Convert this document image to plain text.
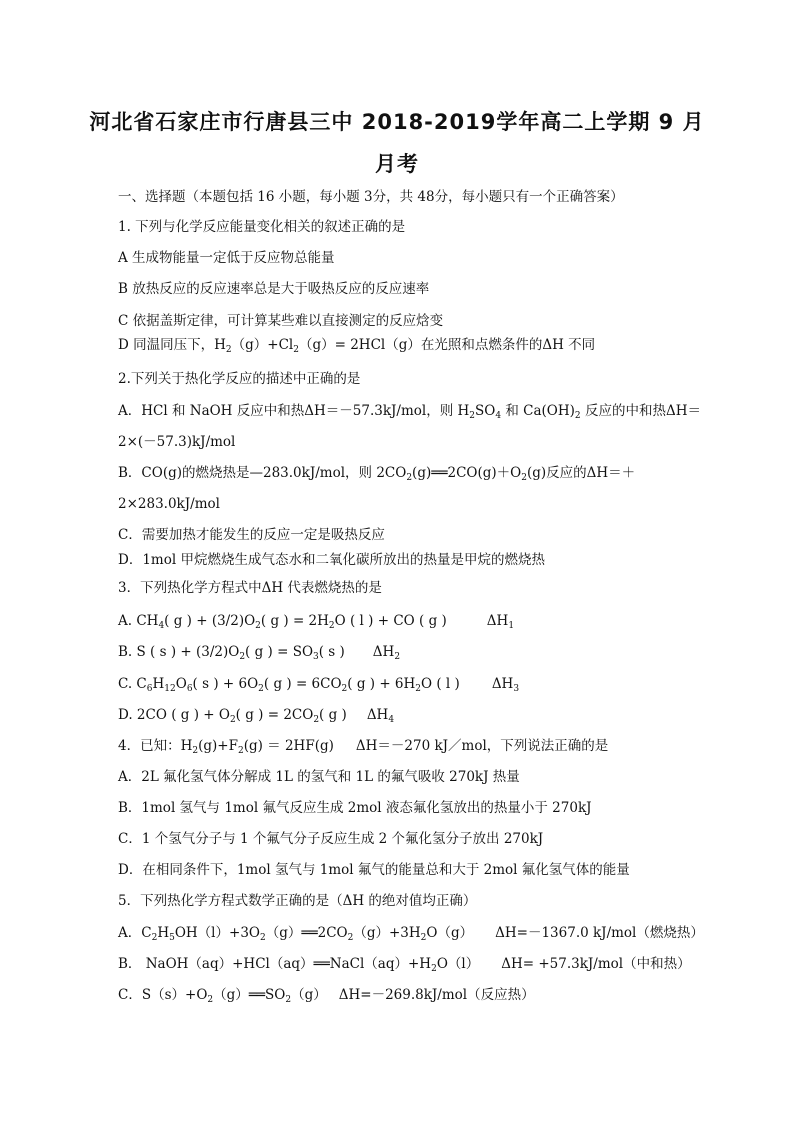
河北省石家庄市行唐县三中 2018-2019学年高二上学期 9 月
月考
一、选择题（本题包括 16 小题，每小题 3分，共 48分，每小题只有一个正确答案）
1. 下列与化学反应能量变化相关的叙述正确的是
A 生成物能量一定低于反应物总能量
B 放热反应的反应速率总是大于吸热反应的反应速率
C 依据盖斯定律，可计算某些难以直接测定的反应焓变
D 同温同压下，$H_2(g)+Cl_2(g)= 2HCl(g)$在光照和点燃条件的ΔH 不同
2.下列关于热化学反应的描述中正确的是
A．HCl 和 NaOH 反应中和热ΔH＝－57.3kJ/mol，则 $H_2SO_4$ 和 $Ca(OH)_2$ 反应的中和热ΔH＝
2×(－57.3)kJ/mol
B．CO(g)的燃烧热是—283.0kJ/mol，则 $2CO_2(g)══2CO(g)+O_2(g)$反应的ΔH＝＋
2×283.0kJ/mol
C．需要加热才能发生的反应一定是吸热反应
D．1mol 甲烷燃烧生成气态水和二氧化碳所放出的热量是甲烷的燃烧热
3．下列热化学方程式中ΔH 代表燃烧热的是
A. $CH_4$( g ) + $(3/2)O_2$( g ) = $2H_2O$ ( l ) + CO ( g )	$\Delta H_1$
B. S ( s ) + $(3/2)O_2$( g ) = $SO_3$( s ) $\Delta H_2$
C. $C_6H_{12}O_6$( s ) + $6O_2$( g ) = $6CO_2$( g ) + $6H_2O$ ( l ) $\Delta H_3$
D. 2CO ( g ) + $O_2$( g ) = $2CO_2$( g ) $\Delta H_4$
4．已知：$H_2(g)+F_2(g) = 2HF(g)$ ΔH＝－270 kJ／mol，下列说法正确的是
A．2L 氟化氢气体分解成 1L 的氢气和 1L 的氟气吸收 270kJ 热量
B．1mol 氢气与 1mol 氟气反应生成 2mol 液态氟化氢放出的热量小于 270kJ
C．1 个氢气分子与 1 个氟气分子反应生成 2 个氟化氢分子放出 270kJ
D．在相同条件下，1mol 氢气与 1mol 氟气的能量总和大于 2mol 氟化氢气体的能量
5．下列热化学方程式数学正确的是（ΔH 的绝对值均正确）
A．$C_2H_5OH(l)+3O_2(g)══2CO_2(g)+3H_2O(g)$ ΔH=－1367.0 kJ/mol（燃烧热）
B． $NaOH(aq)+HCl(aq)══NaCl(aq)+H_2O(l)$ ΔH= +57.3kJ/mol（中和热）
C．$S(s)+O_2(g)══SO_2(g)$ ΔH=－269.8kJ/mol（反应热）
